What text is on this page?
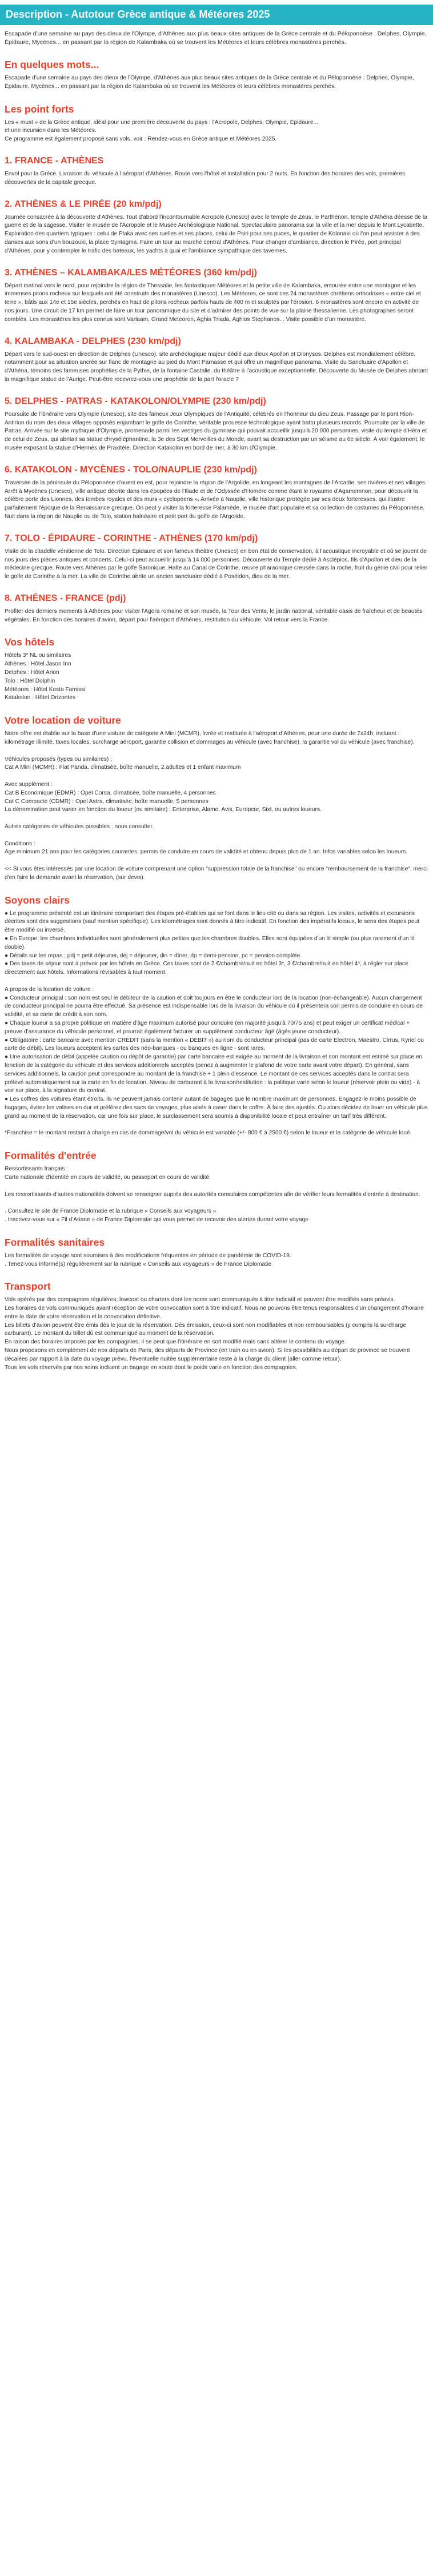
Description - Autotour Grèce antique & Météores 2025

Escapade d'une semaine au pays des dieux de l'Olympe, d'Athènes aux plus beaux sites antiques de la Grèce centrale et du Péloponnèse : Delphes, Olympie, Épidaure, Mycènes... en passant par la région de Kalambaka où se trouvent les Météores et leurs célèbres monastères perchés.

En quelques mots...

Escapade d'une semaine au pays des dieux de l'Olympe, d'Athènes aux plus beaux sites antiques de la Grèce centrale et du Péloponnèse : Delphes, Olympie, Épidaure, Mycènes... en passant par la région de Kalambaka où se trouvent les Météores et leurs célèbres monastères perchés.

Les point forts

Les « must » de la Grèce antique, idéal pour une première découverte du pays : l'Acropole, Delphes, Olympie, Épidaure...

et une incursion dans les Météores.

Ce programme est également proposé sans vols, voir : Rendez-vous en Grèce antique et Météores 2025.

1. FRANCE - ATHÈNES

Envol pour la Grèce. Livraison du véhicule à l'aéroport d'Athènes. Route vers l'hôtel et installation pour 2 nuits. En fonction des horaires des vols, premières découvertes de la capitale grecque.

2. ATHÈNES & LE PIRÉE (20 km/pdj)

Journée consacrée à la découverte d'Athènes. Tout d'abord l'incontournable Acropole (Unesco) avec le temple de Zeus, le Parthénon, temple d'Athéna déesse de la guerre et de la sagesse. Visiter le musée de l'Acropole et le Musée Archéologique National. Spectaculaire panorama sur la ville et la mer depuis le Mont Lycabette. Exploration des quartiers typiques : celui de Plaka avec ses ruelles et ses places, celui de Psiri pour ses puces, le quartier de Kolonaki où l'on peut assister à des danses aux sons d'un bouzouki, la place Syntagma. Faire un tour au marché central d'Athènes. Pour changer d'ambiance, direction le Pirée, port principal d'Athènes, pour y contempler le trafic des bateaux, les yachts à quai et l'ambiance sympathique des tavernes.

3. ATHÈNES – KALAMBAKA/LES MÉTÉORES (360 km/pdj)

Départ matinal vers le nord, pour rejoindre la région de Thessalie, les fantastiques Météores et la petite ville de Kalambaka, entourée entre une montagne et les immenses pitons rocheux sur lesquels ont été construits des monastères (Unesco). Les Météores, ce sont ces 24 monastères chrétiens orthodoxes « entre ciel et terre », bâtis aux 14e et 15e siècles, perchés en haut de pitons rocheux parfois hauts de 400 m et sculptés par l'érosion. 6 monastères sont encore en activité de nos jours. Une circuit de 17 km permet de faire un tour panoramique du site et d'admirer des points de vue sur la plaine thessalienne. Les photographes seront comblés. Les monastères les plus connus sont Varlaam, Grand Meteoron, Aghia Triada, Aghios Stephanos... Visite possible d'un monastère.

4. KALAMBAKA - DELPHES (230 km/pdj)

Départ vers le sud-ouest en direction de Delphes (Unesco), site archéologique majeur dédié aux dieux Apollon et Dionysos. Delphes est mondialement célèbre, notamment pour sa situation ancrée sur flanc de montagne au pied du Mont Parnasse et qui offre un magnifique panorama. Visite du Sanctuaire d'Apollon et d'Athéna, témoins des fameuses prophéties de la Pythie, de la fontaine Castalie, du théâtre à l'acoustique exceptionnelle. Découverte du Musée de Delphes abritant la magnifique statue de l'Aurige. Peut-être recevrez-vous une prophétie de la part l'oracle ?

5. DELPHES - PATRAS - KATAKOLON/OLYMPIE (230 km/pdj)

Poursuite de l'itinéraire vers Olympie (Unesco), site des fameux Jeux Olympiques de l'Antiquité, célébrés en l'honneur du dieu Zeus. Passage par le pont Rion-Antirion du nom des deux villages opposés enjambant le golfe de Corinthe, véritable prouesse technologique ayant battu plusieurs records. Poursuite par la ville de Patras. Arrivée sur le site mythique d'Olympie, promenade parmi les vestiges du gymnase qui pouvait accueillir jusqu'à 20 000 personnes, visite du temple d'Héra et de celui de Zeus, qui abritait sa statue chryséléphantine, la 3e des Sept Merveilles du Monde, avant sa destruction par un séisme au 6e siècle. À voir également, le musée exposant la statue d'Hermès de Praxitèle. Direction Katakolon en bord de mer, à 30 km d'Olympie.

6. KATAKOLON - MYCÈNES - TOLO/NAUPLIE (230 km/pdj)

Traversée de la péninsule du Péloponnèse d'ouest en est, pour rejoindre la région de l'Argolide, en longeant les montagnes de l'Arcadie, ses rivières et ses villages. Arrêt à Mycènes (Unesco), ville antique décrite dans les épopées de l'Iliade et de l'Odyssée d'Homère comme étant le royaume d'Agamemnon, pour découvrir la célèbre porte des Lionnes, des tombes royales et des murs « cyclopéens ». Arrivée à Nauplie, ville historique protégée par ses deux forteresses, qui illustre parfaitement l'époque de la Renaissance grecque. On peut y visiter la forteresse Palamède, le musée d'art populaire et sa collection de costumes du Péloponnèse. Nuit dans la région de Nauplie ou de Tolo, station balnéaire et petit port du golfe de l'Argolide.

7. TOLO - ÉPIDAURE - CORINTHE - ATHÈNES (170 km/pdj)

Visite de la citadelle vénitienne de Tolo. Direction Épidaure et son fameux théâtre (Unesco) en bon état de conservation, à l'acoustique incroyable et où se jouent de nos jours des pièces antiques et concerts. Celui-ci peut accueillir jusqu'à 14 000 personnes. Découverte du Temple dédié à Asclépios, fils d'Apollon et dieu de la médecine grecque. Route vers Athènes par le golfe Saronique. Halte au Canal de Corinthe, œuvre pharaonique creusée dans la roche, fruit du génie civil pour relier le golfe de Corinthe à la mer. La ville de Corinthe abrite un ancien sanctuaire dédié à Poséidon, dieu de la mer.

8. ATHÈNES - FRANCE (pdj)

Profiter des derniers moments à Athènes pour visiter l'Agora romaine et son musée, la Tour des Vents, le jardin national, véritable oasis de fraîcheur et de beautés végétales. En fonction des horaires d'avion, départ pour l'aéroport d'Athènes, restitution du véhicule. Vol retour vers la France.

Vos hôtels

Hôtels 3* NL ou similaires

Athènes : Hôtel Jason Inn

Delphes : Hôtel Arion

Tolo : Hôtel Dolphin

Météores : Hôtel Kosta Famissi

Katakolon : Hôtel Orizontes

Votre location de voiture

Notre offre est établie sur la base d'une voiture de catégorie A Mini (MCMR), livrée et restituée à l'aéroport d'Athènes, pour une durée de 7x24h, incluant : kilométrage illimité, taxes locales, surcharge aéroport, garantie collision et dommages au véhicule (avec franchise), la garantie vol du véhicule (avec franchise).

Véhicules proposés (types ou similaires) :

Cat A Mini (MCMR) : Fiat Panda, climatisée, boîte manuelle, 2 adultes et 1 enfant maximum

Avec supplément :

Cat B Economique (EDMR) : Opel Corsa, climatisée, boîte manuelle, 4 personnes

Cat C Compacte (CDMR) : Opel Astra, climatisée, boîte manuelle, 5 personnes

La dénomination peut varier en fonction du loueur (ou similaire) : Enterprise, Alamo, Avis, Europcar, Sixt, ou autres loueurs.

Autres catégories de véhicules possibles : nous consulter.

Conditions :

Age minimum 21 ans pour les catégories courantes, permis de conduire en cours de validité et obtenu depuis plus de 1 an. Infos variables selon les loueurs.

<< Si vous êtes intéressés par une location de voiture comprenant une option "suppression totale de la franchise" ou encore "remboursement de la franchise", merci d'en faire la demande avant la réservation, (sur devis).

Soyons clairs

● Le programme présenté est un itinéraire comportant des étapes pré-établies qui se font dans le lieu cité ou dans sa région. Les visites, activités et excursions décrites sont des suggestions (sauf mention spécifique). Les kilométrages sont donnés à titre indicatif. En fonction des impératifs locaux, le sens des étapes peut être modifié ou inversé.

● En Europe, les chambres individuelles sont généralement plus petites que les chambres doubles. Elles sont équipées d'un lit simple (ou plus rarement d'un lit double).

● Détails sur les repas : pdj = petit déjeuner, déj = déjeuner, din = dîner, dp = demi-pension, pc = pension complète.

● Des taxes de séjour sont à prévoir par les hôtels en Grèce. Ces taxes sont de 2 €/chambre/nuit en hôtel 3*, 3 €/chambre/nuit en hôtel 4*, à régler sur place directement aux hôtels. Informations révisables à tout moment.

A propos de la location de voiture :

● Conducteur principal : son nom est seul le débiteur de la caution et doit toujours en être le conducteur lors de la location (non-échangeable). Aucun changement de conducteur principal ne pourra être effectué. Sa présence est indispensable lors de la livraison du véhicule où il présentera son permis de conduire en cours de validité, et sa carte de crédit à son nom.

● Chaque loueur a sa propre politique en matière d'âge maximum autorisé pour conduire (en majorité jusqu'à 70/75 ans) et peut exiger un certificat médical + preuve d'assurance du véhicule personnel, et pourrait également facturer un supplément conducteur âgé (âgés jeune conducteur).

● Obligatoire : carte bancaire avec mention CRÉDIT (sans la mention « DÉBIT ») au nom du conducteur principal (pas de carte Electron, Maestro, Cirrus, Kyriel ou carte de débit). Les loueurs acceptent les cartes des néo-banques - ou banques en ligne - sont rares.

● Une autorisation de débit (appelée caution ou dépôt de garantie) par carte bancaire est exigée au moment de la livraison et son montant est estimé sur place en fonction de la catégorie du véhicule et des services additionnels acceptés (penez à augmenter le plafond de votre carte avant votre départ). En général, sans services additionnels, la caution peut correspondre au montant de la franchise + 1 plein d'essence. Le montant de ces services acceptés dans le contrat sera prélevé automatiquement sur la carte en fin de location. Niveau de carburant à la livraison/restitution : la politique varie selon le loueur (réservoir plein ou vide) - à voir sur place, à la signature du contrat.

● Les coffres des voitures étant étroits, ils ne peuvent jamais contenir autant de bagages que le nombre maximum de personnes. Engagez-le moins possible de bagages, évitez les valises en dur et préférez des sacs de voyages, plus aisés à caser dans le coffre. À faire des ajustés. Ou alors décidez de louer un véhicule plus grand au moment de la réservation, car une fois sur place, le surclassement sera soumis à disponibilité locale et peut entraîner un tarif très différent.

*Franchise = le montant restant à charge en cas de dommage/vol du véhicule est variable (+/- 800 € à 2500 €) selon le loueur et la catégorie de véhicule loué.

Formalités d'entrée

Ressortissants français :

Carte nationale d'identité en cours de validité, ou passeport en cours de validité.

Les ressortissants d'autres nationalités doivent se renseigner auprès des autorités consulaires compétentes afin de vérifier leurs formalités d'entrée à destination.

. Consultez le site de France Diplomatie et la rubrique « Conseils aux voyageurs »

. Inscrivez-vous sur « Fil d'Ariane » de France Diplomatie qui vous permet de recevoir des alertes durant votre voyage

Formalités sanitaires

Les formalités de voyage sont soumises à des modifications fréquentes en période de pandémie de COVID-19.

. Tenez-vous informé(s) régulièrement sur la rubrique « Conseils aux voyageurs » de France Diplomatie

Transport

Vols opérés par des compagnies régulières, lowcost ou charters dont les noms sont communiqués à titre indicatif et peuvent être modifiés sans préavis.

Les horaires de vols communiqués avant réception de votre convocation sont à titre indicatif. Nous ne pouvons être tenus responsables d'un changement d'horaire entre la date de votre réservation et la convocation définitive.

Les billets d'avion peuvent être émis dès le jour de la réservation. Dès émission, ceux-ci sont non modifiables et non remboursables (y compris la surcharge carburant). Le montant du billet dû est communiqué au moment de la réservation.

En raison des horaires imposés par les compagnies, il se peut que l'itinéraire en soit modifié mais sans altérer le contenu du voyage.

Nous proposons en complément de nos départs de Paris, des départs de Province (en train ou en avion). Si les possibilités au départ de province se trouvent décalées par rapport à la date du voyage prévu, l'éventuelle nuitée supplémentaire reste à la charge du client (aller comme retour).

Tous les vols réservés par nos soins incluent un bagage en soute dont le poids varie en fonction des compagnies.
